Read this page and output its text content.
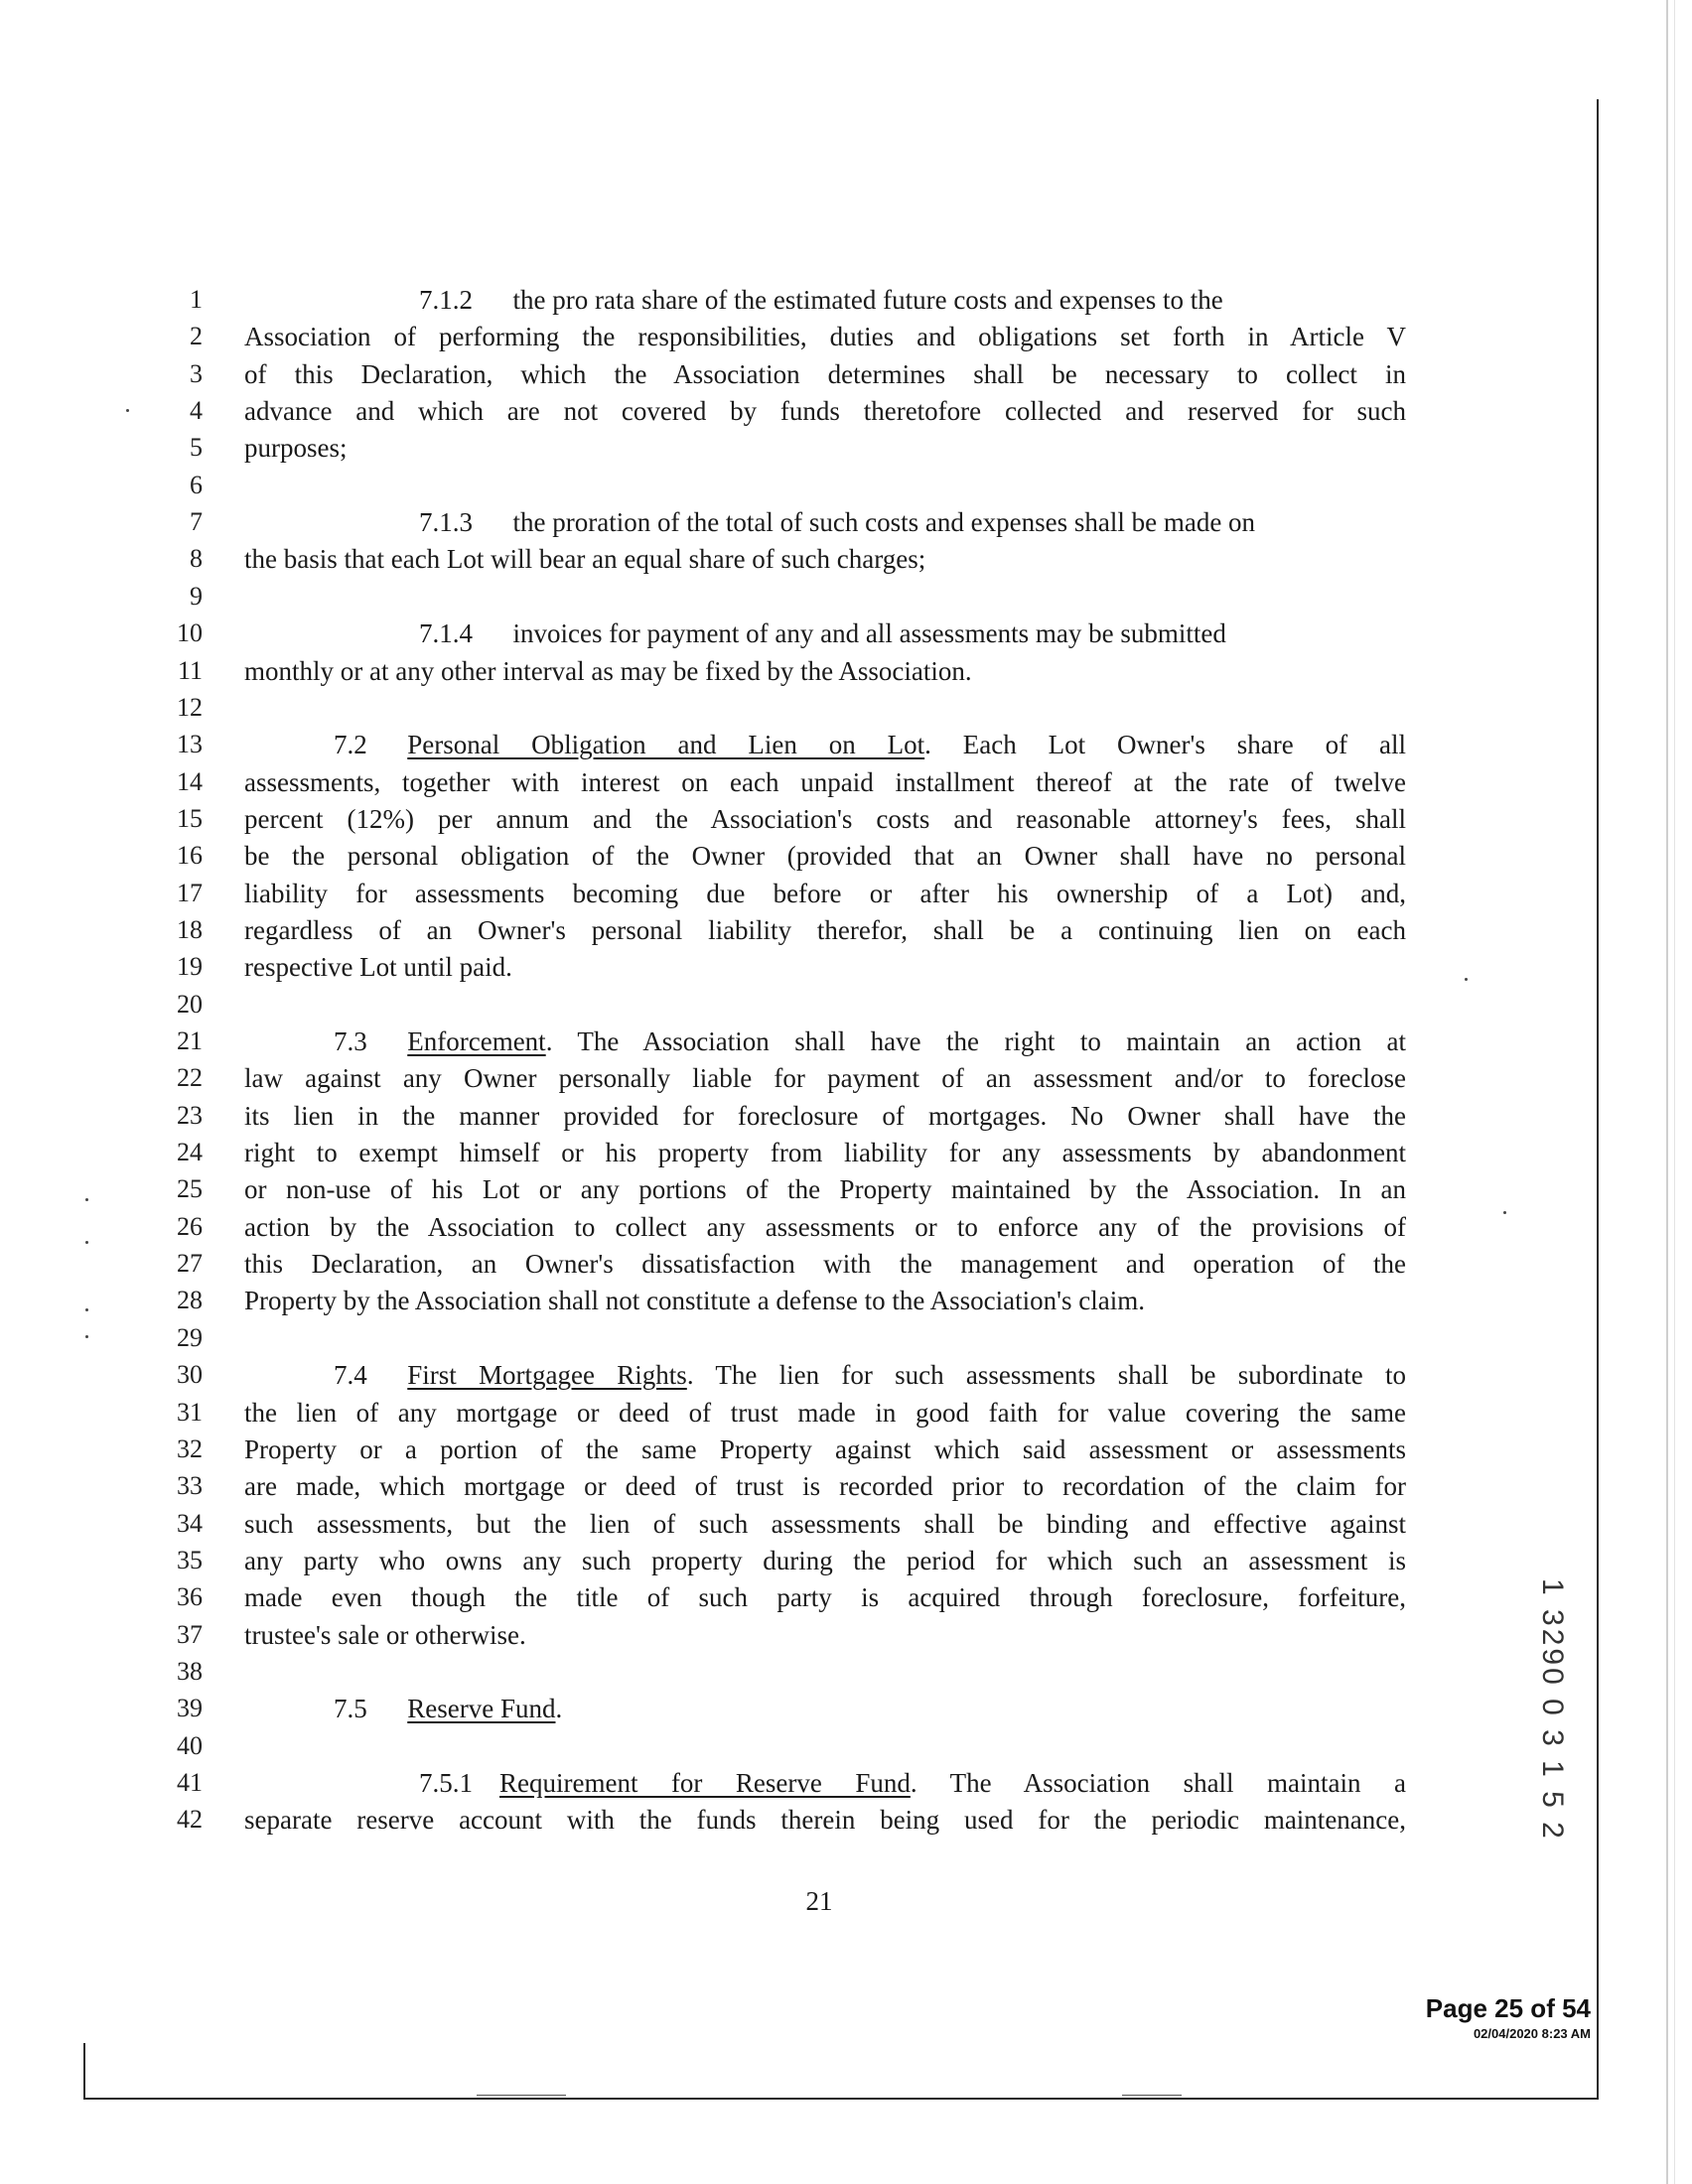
1	7.1.2  the pro rata share of the estimated future costs and expenses to the
2 Association of performing the responsibilities, duties and obligations set forth in Article V
3 of this Declaration, which the Association determines shall be necessary to collect in
4 advance and which are not covered by funds theretofore collected and reserved for such
5 purposes;
6
7	7.1.3  the proration of the total of such costs and expenses shall be made on
8 the basis that each Lot will bear an equal share of such charges;
9
10	7.1.4  invoices for payment of any and all assessments may be submitted
11 monthly or at any other interval as may be fixed by the Association.
12
13	7.2  Personal Obligation and Lien on Lot. Each Lot Owner's share of all
14 assessments, together with interest on each unpaid installment thereof at the rate of twelve
15 percent (12%) per annum and the Association's costs and reasonable attorney's fees, shall
16 be the personal obligation of the Owner (provided that an Owner shall have no personal
17 liability for assessments becoming due before or after his ownership of a Lot) and,
18 regardless of an Owner's personal liability therefor, shall be a continuing lien on each
19 respective Lot until paid.
20
21	7.3  Enforcement. The Association shall have the right to maintain an action at
22 law against any Owner personally liable for payment of an assessment and/or to foreclose
23 its lien in the manner provided for foreclosure of mortgages. No Owner shall have the
24 right to exempt himself or his property from liability for any assessments by abandonment
25 or non-use of his Lot or any portions of the Property maintained by the Association. In an
26 action by the Association to collect any assessments or to enforce any of the provisions of
27 this Declaration, an Owner's dissatisfaction with the management and operation of the
28 Property by the Association shall not constitute a defense to the Association's claim.
29
30	7.4  First Mortgagee Rights. The lien for such assessments shall be subordinate to
31 the lien of any mortgage or deed of trust made in good faith for value covering the same
32 Property or a portion of the same Property against which said assessment or assessments
33 are made, which mortgage or deed of trust is recorded prior to recordation of the claim for
34 such assessments, but the lien of such assessments shall be binding and effective against
35 any party who owns any such property during the period for which such an assessment is
36 made even though the title of such party is acquired through foreclosure, forfeiture,
37 trustee's sale or otherwise.
38
39	7.5  Reserve Fund.
40
41	7.5.1 Requirement for Reserve Fund. The Association shall maintain a
42 separate reserve account with the funds therein being used for the periodic maintenance,
21
1 3290 0 3 1 5 2
Page 25 of 54
02/04/2020 8:23 AM
